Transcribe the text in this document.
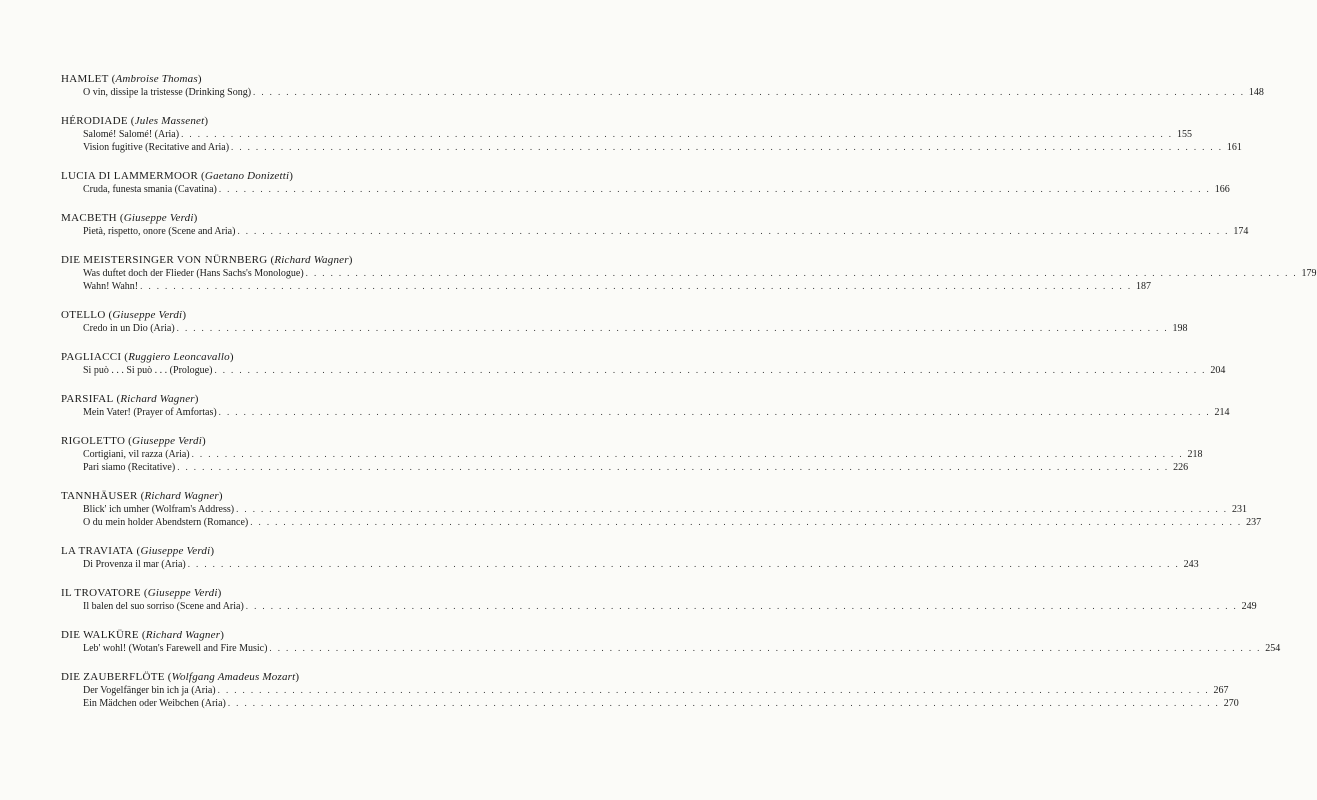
HAMLET (Ambroise Thomas)
O vin, dissipe la tristesse (Drinking Song) . . . . . . . . . . . . . . . . . . . . . . . . . . . . . . . . . . . . . . . . . . . . . . . . . . . . . . . . . . . . . . . . . . . . . . . . . . . . . . . . . . . . . . . . . . . . . . . . . . . . . . . . . . . . . . . . . . . . . . . . 148
HÉRODIADE (Jules Massenet)
Salomé! Salomé! (Aria) . . . . . . . . . . . . . . . . . . . . . . . . . . . . . . . . . . . . . . . . . . . . . . . . . . . . . . . . . . . . . . . . . . . . . . . . . . . . . . . . . . . . . . . . . . . . . . . . . . . . . . . . . . . . . . . . . . . . . . . . 155
Vision fugitive (Recitative and Aria) . . . . . . . . . . . . . . . . . . . . . . . . . . . . . . . . . . . . . . . . . . . . . . . . . . . . . . . . . . . . . . . . . . . . . . . . . . . . . . . . . . . . . . . . . . . . . . . . . . . . . . . . . . . . . . . . . . . . . . . . 161
LUCIA DI LAMMERMOOR (Gaetano Donizetti)
Cruda, funesta smania (Cavatina) . . . . . . . . . . . . . . . . . . . . . . . . . . . . . . . . . . . . . . . . . . . . . . . . . . . . . . . . . . . . . . . . . . . . . . . . . . . . . . . . . . . . . . . . . . . . . . . . . . . . . . . . . . . . . . . . . . . . . . . . 166
MACBETH (Giuseppe Verdi)
Pietà, rispetto, onore (Scene and Aria) . . . . . . . . . . . . . . . . . . . . . . . . . . . . . . . . . . . . . . . . . . . . . . . . . . . . . . . . . . . . . . . . . . . . . . . . . . . . . . . . . . . . . . . . . . . . . . . . . . . . . . . . . . . . . . . . . . . . . . . . 174
DIE MEISTERSINGER VON NÜRNBERG (Richard Wagner)
Was duftet doch der Flieder (Hans Sachs's Monologue) . . . . . . . . . . . . . . . . . . . . . . . . . . . . . . . . . . . . . . . . . . . . . . . . . . . . . . . . . . . . . . . . . . . . . . . . . . . . . . . . . . . . . . . . . . . . . . . . . . . . . . . . . . . . . . . . . . . . . . . . 179
Wahn! Wahn! . . . . . . . . . . . . . . . . . . . . . . . . . . . . . . . . . . . . . . . . . . . . . . . . . . . . . . . . . . . . . . . . . . . . . . . . . . . . . . . . . . . . . . . . . . . . . . . . . . . . . . . . . . . . . . . . . . . . . . . . 187
OTELLO (Giuseppe Verdi)
Credo in un Dio (Aria) . . . . . . . . . . . . . . . . . . . . . . . . . . . . . . . . . . . . . . . . . . . . . . . . . . . . . . . . . . . . . . . . . . . . . . . . . . . . . . . . . . . . . . . . . . . . . . . . . . . . . . . . . . . . . . . . . . . . . . . . 198
PAGLIACCI (Ruggiero Leoncavallo)
Si può . . . Si può . . . (Prologue) . . . . . . . . . . . . . . . . . . . . . . . . . . . . . . . . . . . . . . . . . . . . . . . . . . . . . . . . . . . . . . . . . . . . . . . . . . . . . . . . . . . . . . . . . . . . . . . . . . . . . . . . . . . . . . . . . . . . . . . . 204
PARSIFAL (Richard Wagner)
Mein Vater! (Prayer of Amfortas) . . . . . . . . . . . . . . . . . . . . . . . . . . . . . . . . . . . . . . . . . . . . . . . . . . . . . . . . . . . . . . . . . . . . . . . . . . . . . . . . . . . . . . . . . . . . . . . . . . . . . . . . . . . . . . . . . . . . . . . . 214
RIGOLETTO (Giuseppe Verdi)
Cortigiani, vil razza (Aria) . . . . . . . . . . . . . . . . . . . . . . . . . . . . . . . . . . . . . . . . . . . . . . . . . . . . . . . . . . . . . . . . . . . . . . . . . . . . . . . . . . . . . . . . . . . . . . . . . . . . . . . . . . . . . . . . . . . . . . . . 218
Pari siamo (Recitative) . . . . . . . . . . . . . . . . . . . . . . . . . . . . . . . . . . . . . . . . . . . . . . . . . . . . . . . . . . . . . . . . . . . . . . . . . . . . . . . . . . . . . . . . . . . . . . . . . . . . . . . . . . . . . . . . . . . . . . . . 226
TANNHÄUSER (Richard Wagner)
Blick' ich umher (Wolfram's Address) . . . . . . . . . . . . . . . . . . . . . . . . . . . . . . . . . . . . . . . . . . . . . . . . . . . . . . . . . . . . . . . . . . . . . . . . . . . . . . . . . . . . . . . . . . . . . . . . . . . . . . . . . . . . . . . . . . . . . . . . 231
O du mein holder Abendstern (Romance) . . . . . . . . . . . . . . . . . . . . . . . . . . . . . . . . . . . . . . . . . . . . . . . . . . . . . . . . . . . . . . . . . . . . . . . . . . . . . . . . . . . . . . . . . . . . . . . . . . . . . . . . . . . . . . . . . . . . . . . . 237
LA TRAVIATA (Giuseppe Verdi)
Di Provenza il mar (Aria) . . . . . . . . . . . . . . . . . . . . . . . . . . . . . . . . . . . . . . . . . . . . . . . . . . . . . . . . . . . . . . . . . . . . . . . . . . . . . . . . . . . . . . . . . . . . . . . . . . . . . . . . . . . . . . . . . . . . . . . . 243
IL TROVATORE (Giuseppe Verdi)
Il balen del suo sorriso (Scene and Aria) . . . . . . . . . . . . . . . . . . . . . . . . . . . . . . . . . . . . . . . . . . . . . . . . . . . . . . . . . . . . . . . . . . . . . . . . . . . . . . . . . . . . . . . . . . . . . . . . . . . . . . . . . . . . . . . . . . . . . . . . 249
DIE WALKÜRE (Richard Wagner)
Leb' wohl! (Wotan's Farewell and Fire Music) . . . . . . . . . . . . . . . . . . . . . . . . . . . . . . . . . . . . . . . . . . . . . . . . . . . . . . . . . . . . . . . . . . . . . . . . . . . . . . . . . . . . . . . . . . . . . . . . . . . . . . . . . . . . . . . . . . . . . . . . 254
DIE ZAUBERFLÖTE (Wolfgang Amadeus Mozart)
Der Vogelfänger bin ich ja (Aria) . . . . . . . . . . . . . . . . . . . . . . . . . . . . . . . . . . . . . . . . . . . . . . . . . . . . . . . . . . . . . . . . . . . . . . . . . . . . . . . . . . . . . . . . . . . . . . . . . . . . . . . . . . . . . . . . . . . . . . . . 267
Ein Mädchen oder Weibchen (Aria) . . . . . . . . . . . . . . . . . . . . . . . . . . . . . . . . . . . . . . . . . . . . . . . . . . . . . . . . . . . . . . . . . . . . . . . . . . . . . . . . . . . . . . . . . . . . . . . . . . . . . . . . . . . . . . . . . . . . . . . . 270
